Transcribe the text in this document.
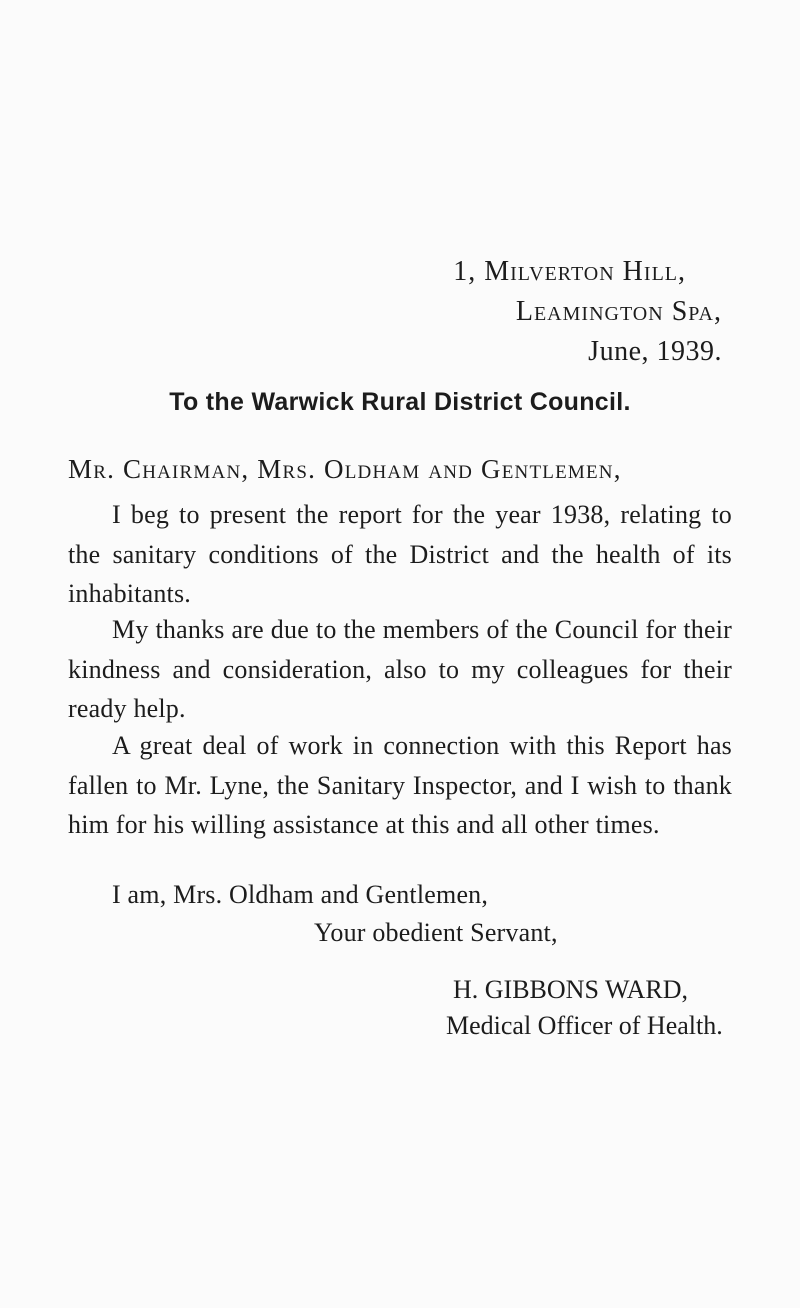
1, Milverton Hill,
Leamington Spa,
June, 1939.
To the Warwick Rural District Council.
Mr. Chairman, Mrs. Oldham and Gentlemen,
I beg to present the report for the year 1938, relating to the sanitary conditions of the District and the health of its inhabitants.
My thanks are due to the members of the Council for their kindness and consideration, also to my colleagues for their ready help.
A great deal of work in connection with this Report has fallen to Mr. Lyne, the Sanitary Inspector, and I wish to thank him for his willing assistance at this and all other times.
I am, Mrs. Oldham and Gentlemen,
Your obedient Servant,
H. GIBBONS WARD,
Medical Officer of Health.
